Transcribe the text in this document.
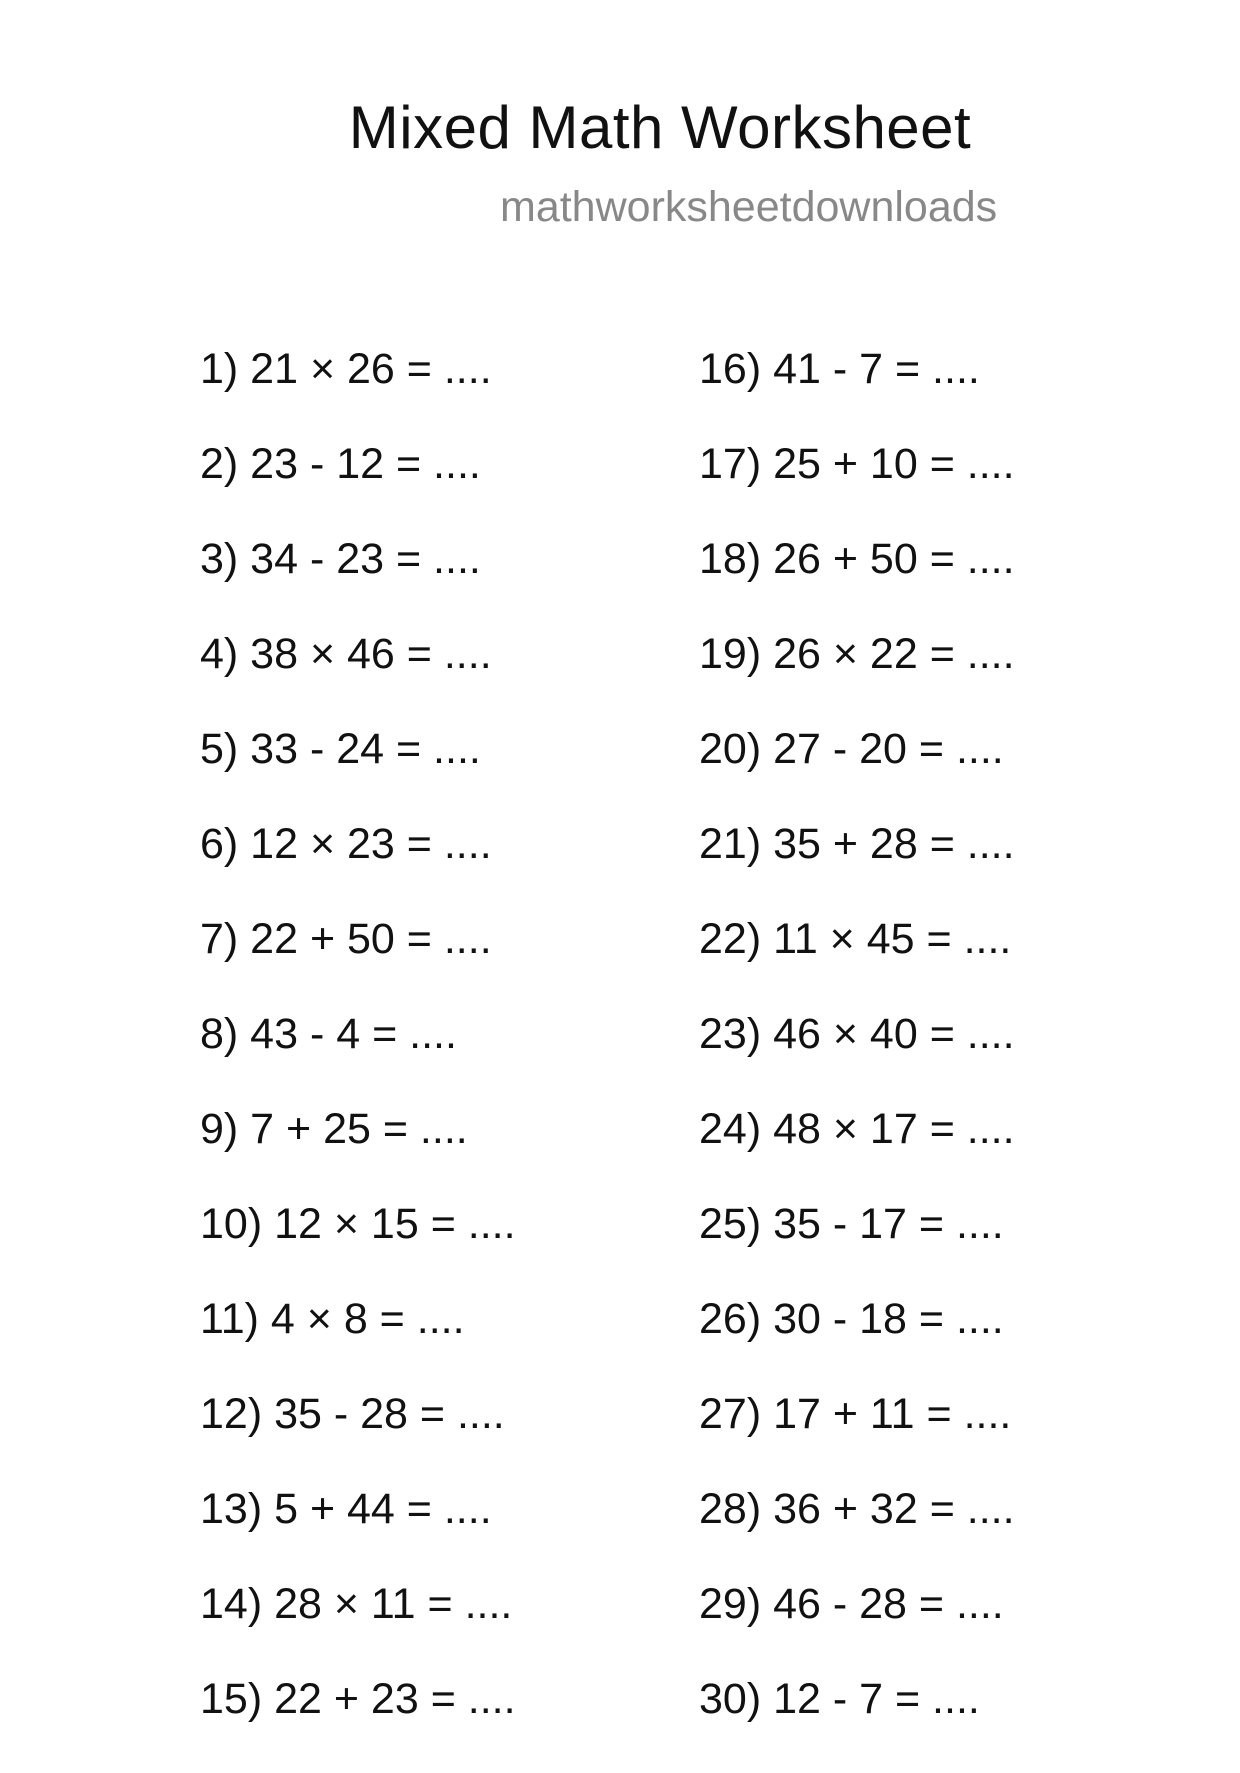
Mixed Math Worksheet
mathworksheetdownloads
1) 21 × 26 = ....
2) 23 - 12 = ....
3) 34 - 23 = ....
4) 38 × 46 = ....
5) 33 - 24 = ....
6) 12 × 23 = ....
7) 22 + 50 = ....
8) 43 - 4 = ....
9) 7 + 25 = ....
10) 12 × 15 = ....
11) 4 × 8 = ....
12) 35 - 28 = ....
13) 5 + 44 = ....
14) 28 × 11 = ....
15) 22 + 23 = ....
16) 41 - 7 = ....
17) 25 + 10 = ....
18) 26 + 50 = ....
19) 26 × 22 = ....
20) 27 - 20 = ....
21) 35 + 28 = ....
22) 11 × 45 = ....
23) 46 × 40 = ....
24) 48 × 17 = ....
25) 35 - 17 = ....
26) 30 - 18 = ....
27) 17 + 11 = ....
28) 36 + 32 = ....
29) 46 - 28 = ....
30) 12 - 7 = ....
